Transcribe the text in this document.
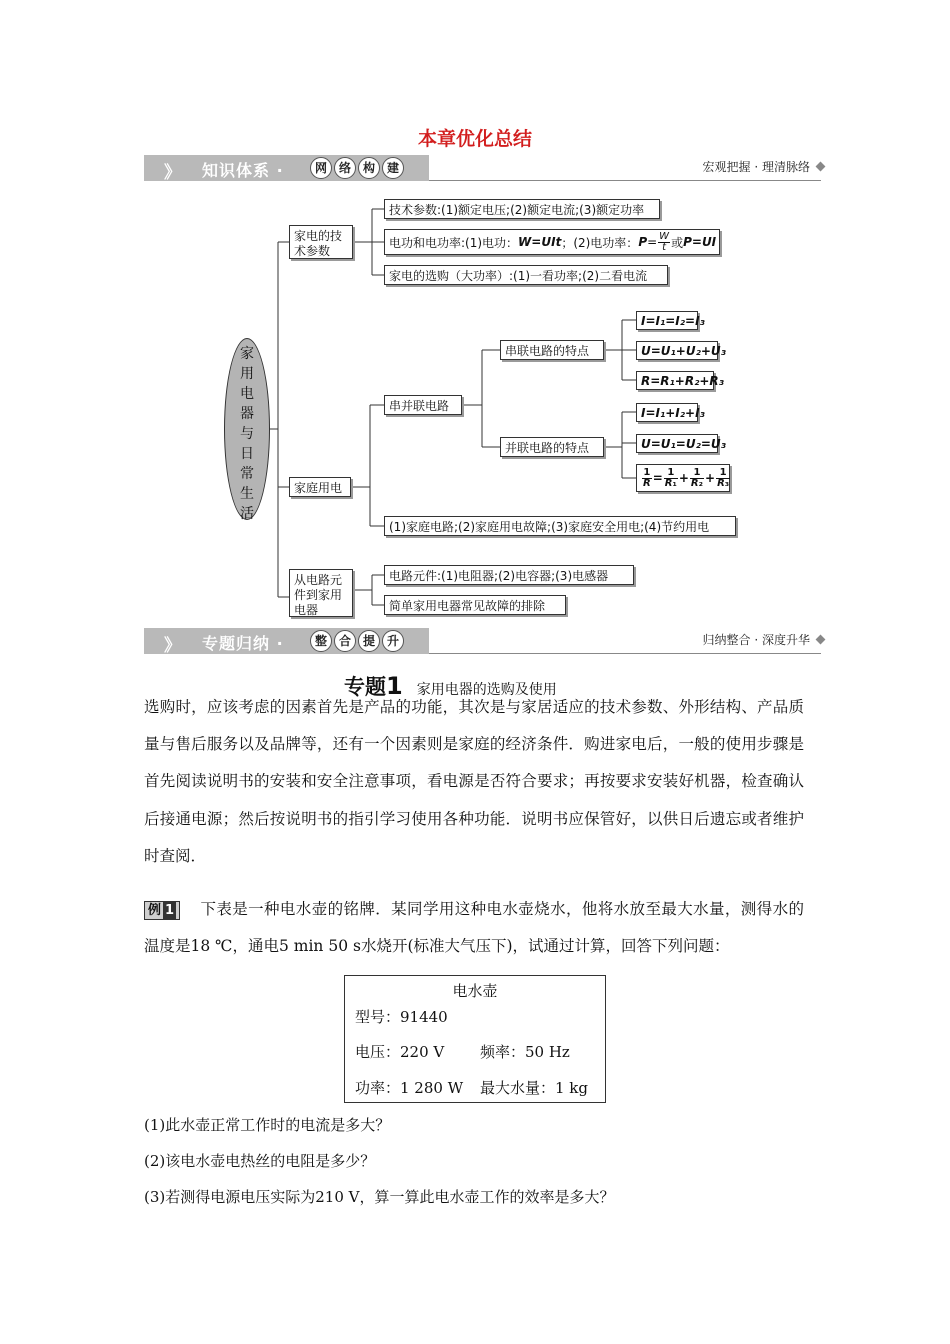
本章优化总结
》 知识体系 ·	网 络 构 建	宏观把握 · 理清脉络
家用电器与日常生活
家电的技术参数
技术参数:(1)额定电压;(2)额定电流;(3)额定功率
电功和电功率:(1)电功： W=UIt ；(2)电功率： $P = \frac{W}{t}$ 或 P=UI
家电的选购（大功率）:(1)一看功率;(2)二看电流
家庭用电
串并联电路
串联电路的特点
并联电路的特点
I=I₁=I₂=I₃
U=U₁+U₂+U₃
R=R₁+R₂+R₃
I=I₁+I₂+I₃
U=U₁=U₂=U₃
$\frac{1}{R} = \frac{1}{\text{R₁}} + \frac{1}{\text{R₂}} + \frac{1}{\text{R₃}}$
(1)家庭电路;(2)家庭用电故障;(3)家庭安全用电;(4)节约用电
从电路元件到家用电器
电路元件:(1)电阻器;(2)电容器;(3)电感器
简单家用电器常见故障的排除
》 专题归纳 ·	整 合 提 升	归纳整合 · 深度升华
专题1 家用电器的选购及使用
选购时，应该考虑的因素首先是产品的功能，其次是与家居适应的技术参数、外形结构、产品质量与售后服务以及品牌等，还有一个因素则是家庭的经济条件．购进家电后，一般的使用步骤是首先阅读说明书的安装和安全注意事项，看电源是否符合要求；再按要求安装好机器，检查确认后接通电源；然后按说明书的指引学习使用各种功能．说明书应保管好，以供日后遗忘或者维护时查阅．
例 1 下表是一种电水壶的铭牌．某同学用这种电水壶烧水，他将水放至最大水量，测得水的温度是18 ℃，通电5 min 50 s水烧开(标准大气压下)，试通过计算，回答下列问题：
电水壶
型号：91440
电压：220 V 频率：50 Hz
功率：1 280 W 最大水量：1 kg
(1)此水壶正常工作时的电流是多大？
(2)该电水壶电热丝的电阻是多少？
(3)若测得电源电压实际为210 V，算一算此电水壶工作的效率是多大？
